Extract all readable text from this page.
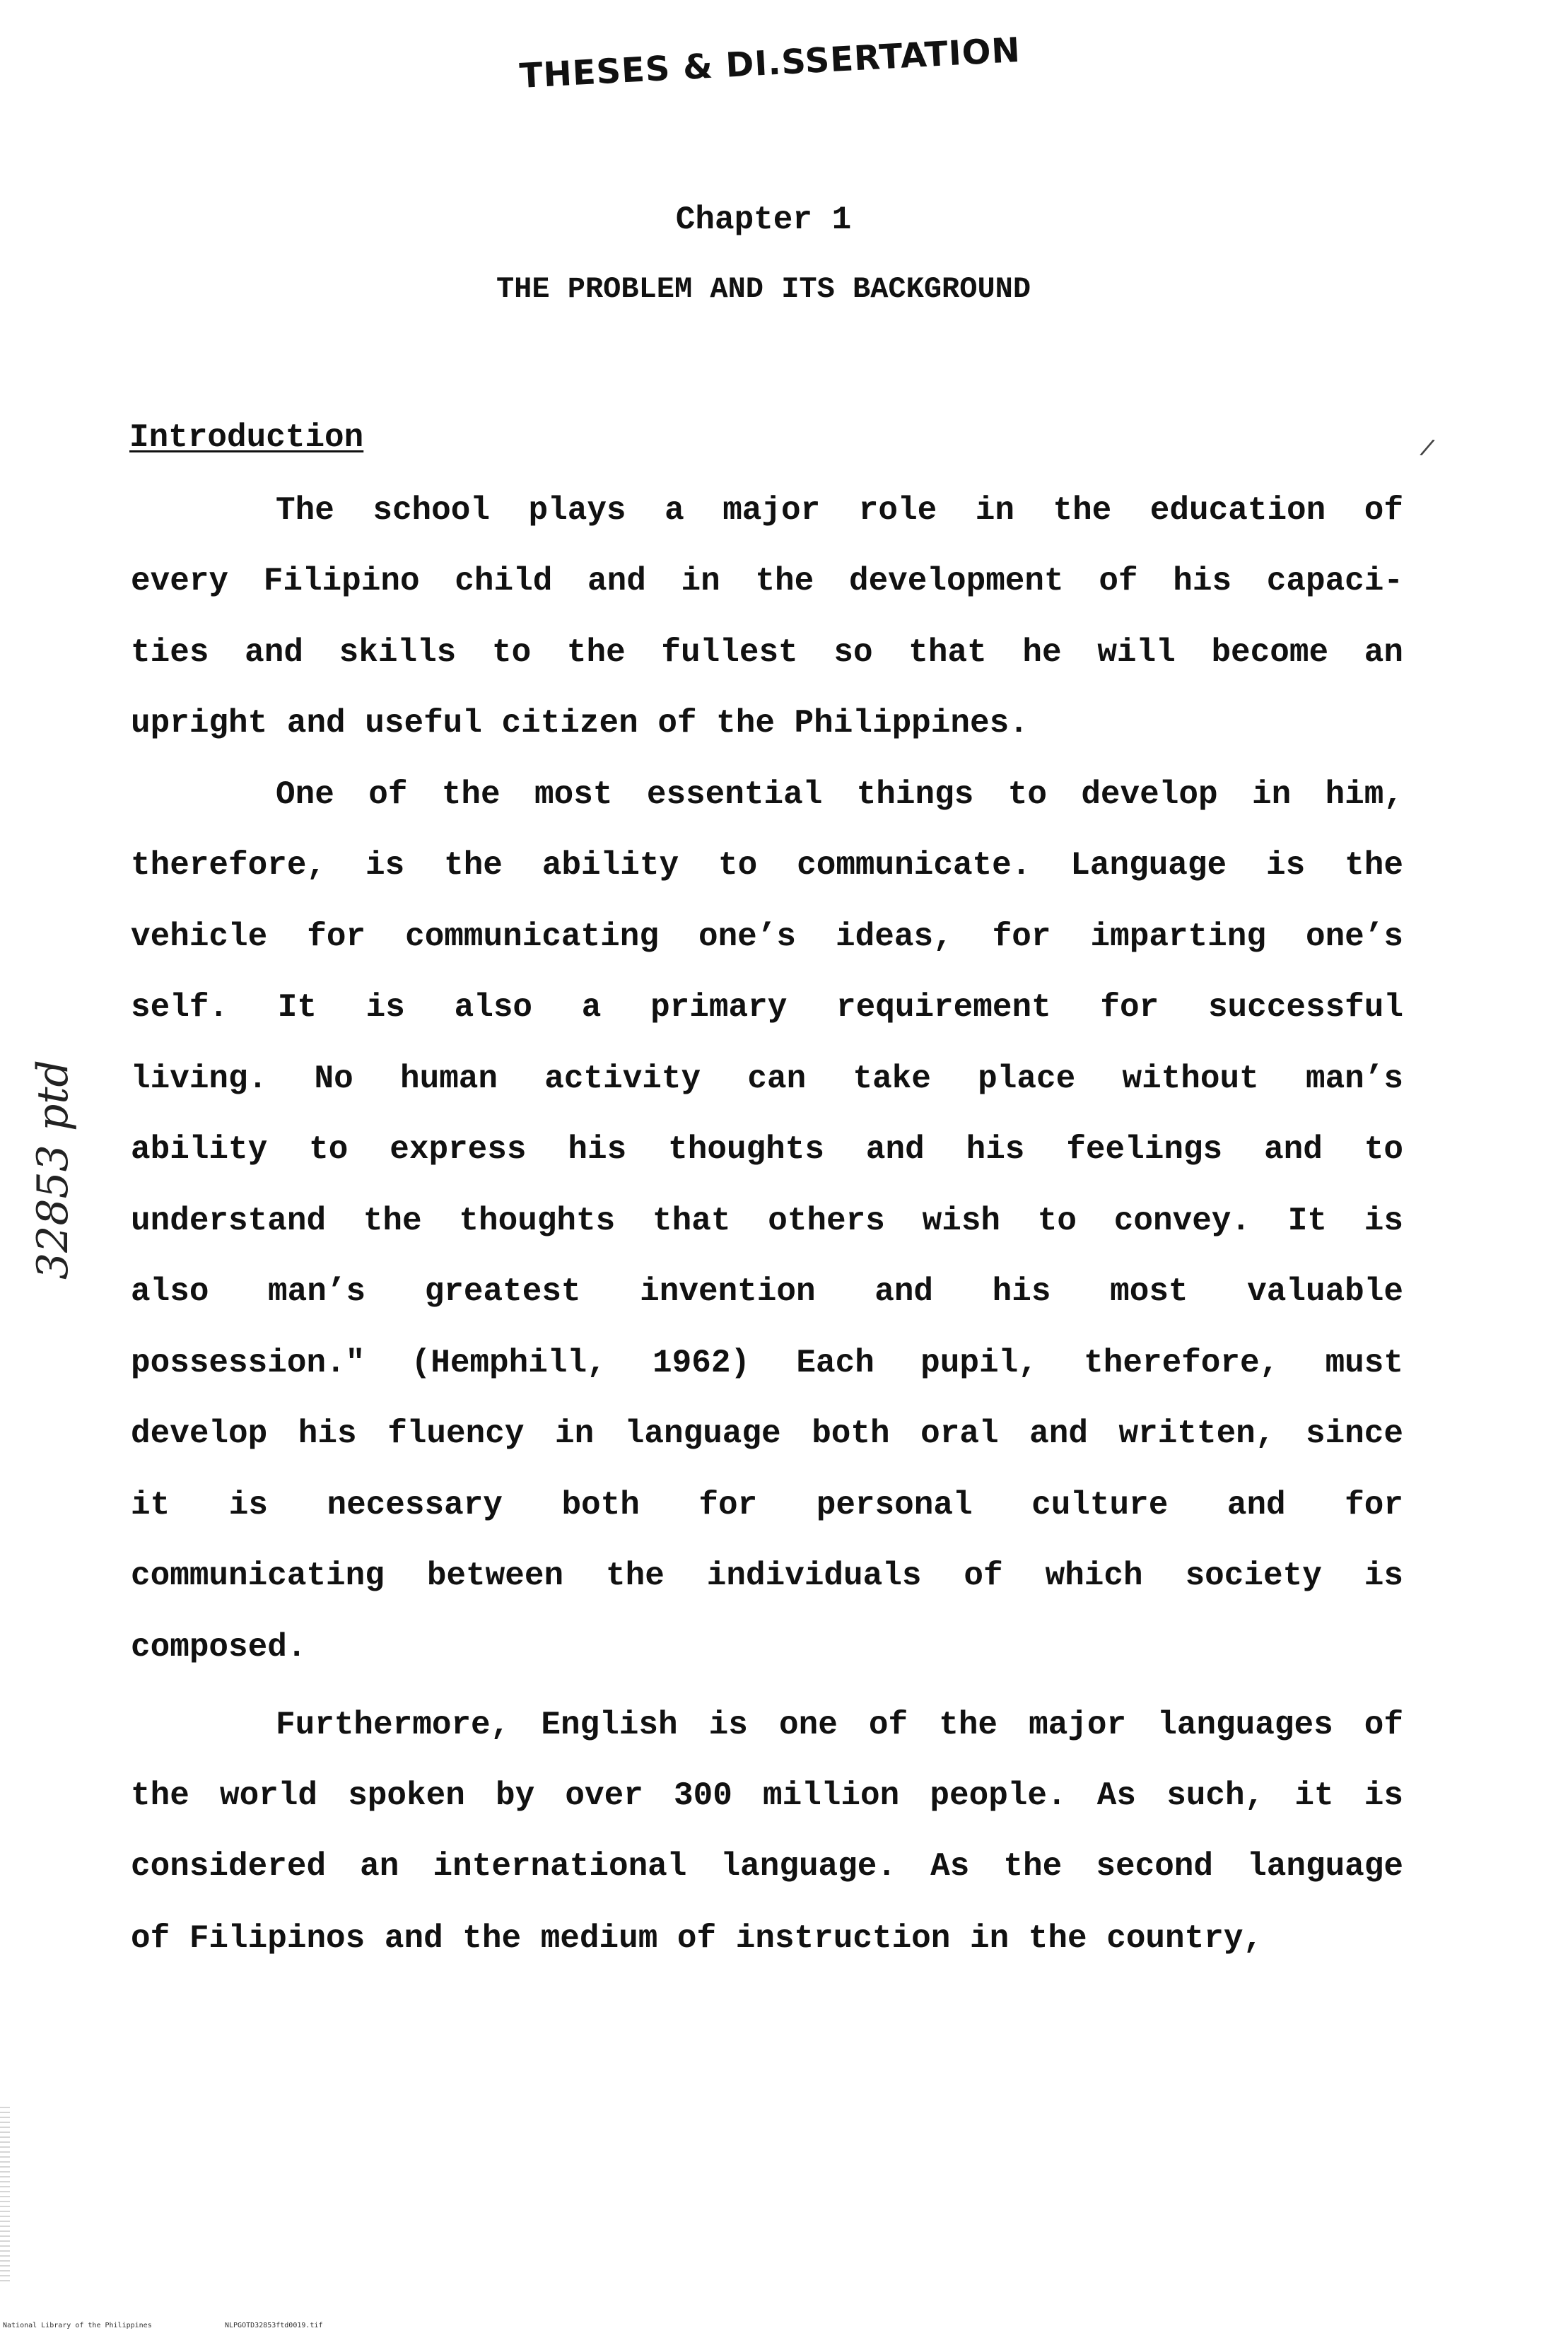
THESES & DI.SSERTATION
Chapter 1
THE PROBLEM AND ITS BACKGROUND
Introduction	/
32853 ptd
The school plays a major role in the education of
every Filipino child and in the development of his capaci-
ties and skills to the fullest so that he will become an
upright and useful citizen of the Philippines.
One of the most essential things to develop in him,
therefore, is the ability to communicate. Language is the
vehicle for communicating one’s ideas, for imparting one’s
self. It is also a primary requirement for successful
living. No human activity can take place without man’s
ability to express his thoughts and his feelings and to
understand the thoughts that others wish to convey. It is
also man’s greatest invention and his most valuable
possession." (Hemphill, 1962) Each pupil, therefore, must
develop his fluency in language both oral and written, since
it is necessary both for personal culture and for
communicating between the individuals of which society is
composed.
Furthermore, English is one of the major languages of
the world spoken by over 300 million people. As such, it is
considered an international language. As the second language
of Filipinos and the medium of instruction in the country,
National Library of the Philippines	NLPGOTD32853ftd0019.tif
